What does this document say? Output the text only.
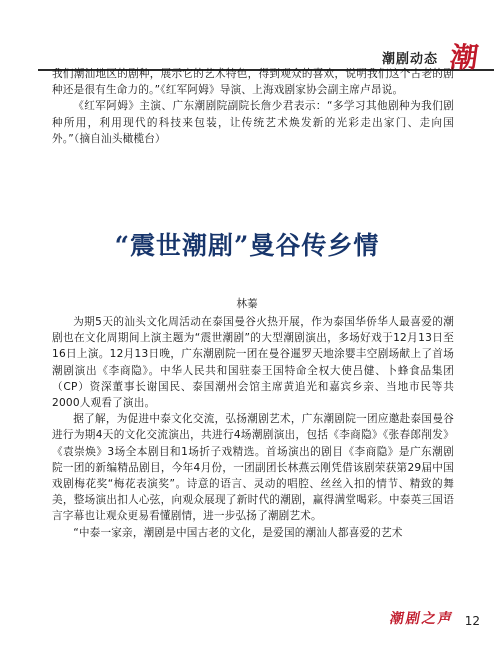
潮剧动态 潮

我们潮汕地区的剧种，展示它的艺术特色，得到观众的喜欢，说明我们这个古老的剧种还是很有生命力的。”《红军阿姆》导演、上海戏剧家协会副主席卢昂说。

《红军阿姆》主演、广东潮剧院副院长詹少君表示：“多学习其他剧种为我们剧种所用，利用现代的科技来包装，让传统艺术焕发新的光彩走出家门、走向国外。”（摘自汕头橄榄台）

“震世潮剧”曼谷传乡情
林蓁

为期5天的汕头文化周活动在泰国曼谷火热开展，作为泰国华侨华人最喜爱的潮剧也在文化周期间上演主题为“震世潮剧”的大型潮剧演出，多场好戏于12月13日至16日上演。12月13日晚，广东潮剧院一团在曼谷暹罗天地涂婴丰空剧场献上了首场潮剧演出《李商隐》。中华人民共和国驻泰王国特命全权大使吕健、卜蜂食品集团（CP）资深董事长谢国民、泰国潮州会馆主席黄追光和嘉宾乡亲、当地市民等共2000人观看了演出。

据了解，为促进中泰文化交流，弘扬潮剧艺术，广东潮剧院一团应邀赴泰国曼谷进行为期4天的文化交流演出，共进行4场潮剧演出，包括《李商隐》《张春郎削发》《袁崇焕》3场全本剧目和1场折子戏精选。首场演出的剧目《李商隐》是广东潮剧院一团的新编精品剧目，今年4月份，一团副团长林燕云刚凭借该剧荣获第29届中国戏剧梅花奖“梅花表演奖”。诗意的语言、灵动的唱腔、丝丝入扣的情节、精致的舞美，整场演出扣人心弦，向观众展现了新时代的潮剧，赢得满堂喝彩。中泰英三国语言字幕也让观众更易看懂剧情，进一步弘扬了潮剧艺术。

“中泰一家亲，潮剧是中国古老的文化，是爱国的潮汕人都喜爱的艺术

潮剧之声 12
